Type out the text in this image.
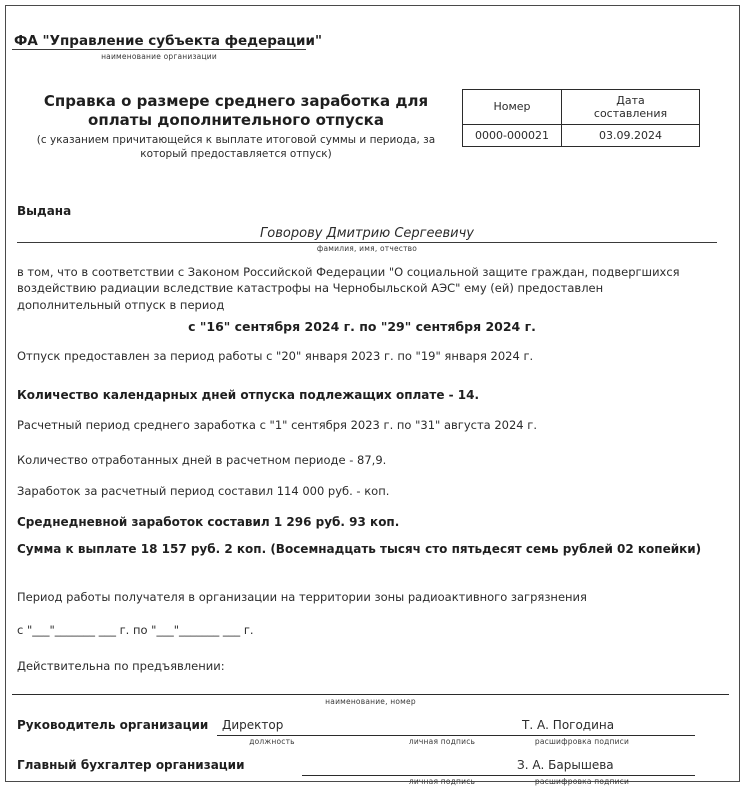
ФА "Управление субъекта федерации"
наименование организации
Справка о размере среднего заработка для
оплаты дополнительного отпуска
(с указанием причитающейся к выплате итоговой суммы и периода, за
который предоставляется отпуск)
Номер	Дата
составления
0000-000021	03.09.2024
Выдана
Говорову Дмитрию Сергеевичу
фамилия, имя, отчество
в том, что в соответствии с Законом Российской Федерации "О социальной защите граждан, подвергшихся воздействию радиации вследствие катастрофы на Чернобыльской АЭС" ему (ей) предоставлен дополнительный отпуск в период
с "16" сентября 2024 г. по "29" сентября 2024 г.
Отпуск предоставлен за период работы с "20" января 2023 г. по "19" января 2024 г.
Количество календарных дней отпуска подлежащих оплате - 14.
Расчетный период среднего заработка с "1" сентября 2023 г. по "31" августа 2024 г.
Количество отработанных дней в расчетном периоде - 87,9.
Заработок за расчетный период составил 114 000 руб. - коп.
Среднедневной заработок составил 1 296 руб. 93 коп.
Сумма к выплате 18 157 руб. 2 коп. (Восемнадцать тысяч сто пятьдесят семь рублей 02 копейки)
Период работы получателя в организации на территории зоны радиоактивного загрязнения
с "___"_______ ___ г. по "___"_______ ___ г.
Действительна по предъявлении:
наименование, номер
Руководитель организации Директор	Т. А. Погодина
должность	личная подпись	расшифровка подписи
Главный бухгалтер организации	З. А. Барышева
личная подпись	расшифровка подписи
